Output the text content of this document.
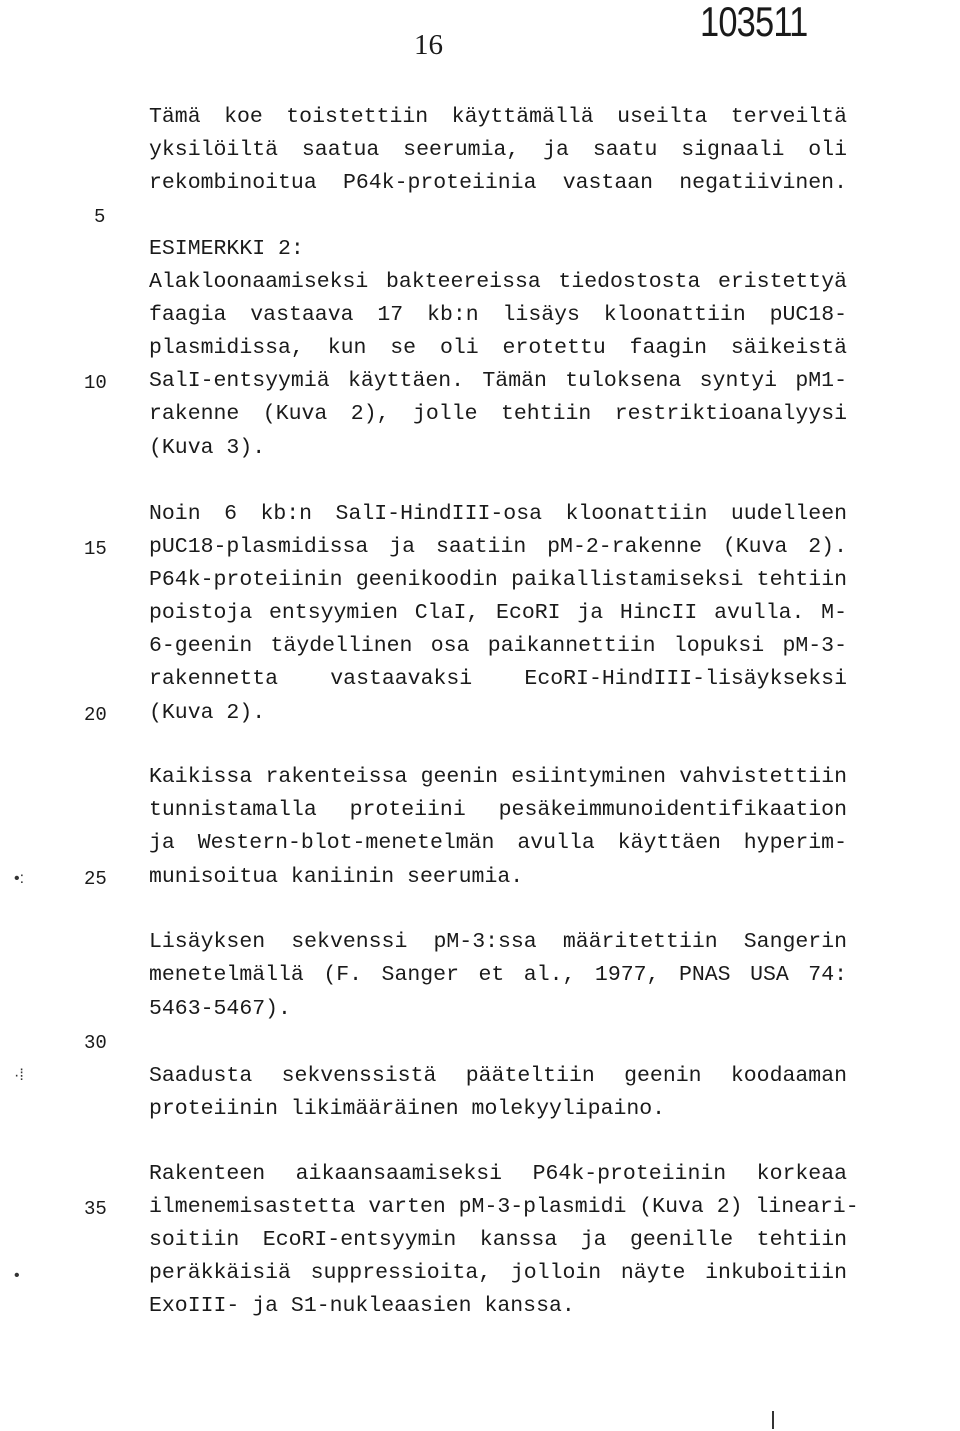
16	103511
Tämä koe toistettiin käyttämällä useilta terveiltä
yksilöiltä saatua seerumia, ja saatu signaali oli
rekombinoitua P64k-proteiinia vastaan negatiivinen.
ESIMERKKI 2:
Alakloonaamiseksi bakteereissa tiedostosta eristettyä
faagia vastaava 17 kb:n lisäys kloonattiin pUC18-
plasmidissa, kun se oli erotettu faagin säikeistä
SalI-entsyymiä käyttäen. Tämän tuloksena syntyi pM1-
rakenne (Kuva 2), jolle tehtiin restriktioanalyysi
(Kuva 3).
Noin 6 kb:n SalI-HindIII-osa kloonattiin uudelleen
pUC18-plasmidissa ja saatiin pM-2-rakenne (Kuva 2).
P64k-proteiinin geenikoodin paikallistamiseksi tehtiin
poistoja entsyymien ClaI, EcoRI ja HincII avulla. M-
6-geenin täydellinen osa paikannettiin lopuksi pM-3-
rakennetta vastaavaksi EcoRI-HindIII-lisäykseksi
(Kuva 2).
Kaikissa rakenteissa geenin esiintyminen vahvistettiin
tunnistamalla proteiini pesäkeimmunoidentifikaation
ja Western-blot-menetelmän avulla käyttäen hyperim-
munisoitua kaniinin seerumia.
Lisäyksen sekvenssi pM-3:ssa määritettiin Sangerin
menetelmällä (F. Sanger et al., 1977, PNAS USA 74:
5463-5467).
Saadusta sekvenssistä pääteltiin geenin koodaaman
proteiinin likimääräinen molekyylipaino.
Rakenteen aikaansaamiseksi P64k-proteiinin korkeaa
ilmenemisastetta varten pM-3-plasmidi (Kuva 2) lineari-
soitiin EcoRI-entsyymin kanssa ja geenille tehtiin
peräkkäisiä suppressioita, jolloin näyte inkuboitiin
ExoIII- ja S1-nukleaasien kanssa.
5
10
15
20
25
30
35
•:
·⁞
•
